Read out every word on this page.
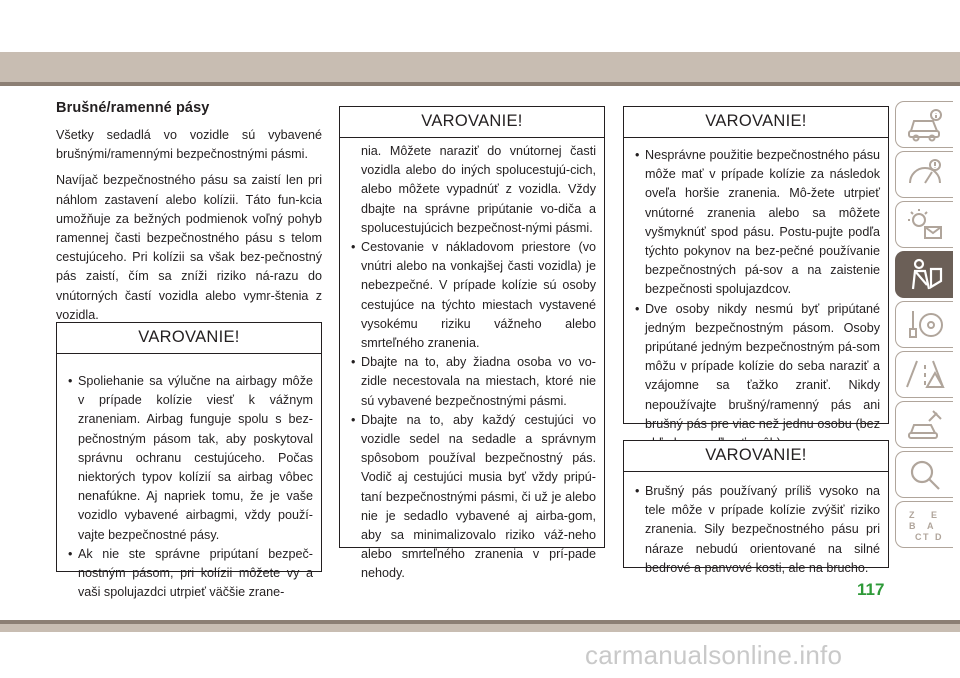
Brušné/ramenné pásy

Všetky sedadlá vo vozidle sú vybavené brušnými/ramennými bezpečnostnými pásmi.

Navíjač bezpečnostného pásu sa zaistí len pri náhlom zastavení alebo kolízii. Táto fun-kcia umožňuje za bežných podmienok voľný pohyb ramennej časti bezpečnostného pásu s telom cestujúceho. Pri kolízii sa však bez-pečnostný pás zaistí, čím sa zníži riziko ná-razu do vnútorných častí vozidla alebo vymr-štenia z vozidla.

VAROVANIE!
• Spoliehanie sa výlučne na airbagy môže v prípade kolízie viesť k vážnym zraneniam. Airbag funguje spolu s bez-pečnostným pásom tak, aby poskytoval správnu ochranu cestujúceho. Počas niektorých typov kolízií sa airbag vôbec nenafúkne. Aj napriek tomu, že je vaše vozidlo vybavené airbagmi, vždy použí-vajte bezpečnostné pásy.
• Ak nie ste správne pripútaní bezpeč-nostným pásom, pri kolízii môžete vy a vaši spolujazdci utrpieť väčšie zrane-
VAROVANIE!
nia. Môžete naraziť do vnútornej časti vozidla alebo do iných spolucestujú-cich, alebo môžete vypadnúť z vozidla. Vždy dbajte na správne pripútanie vo-diča a spolucestujúcich bezpečnost-nými pásmi.
• Cestovanie v nákladovom priestore (vo vnútri alebo na vonkajšej časti vozidla) je nebezpečné. V prípade kolízie sú osoby cestujúce na týchto miestach vystavené vysokému riziku vážneho alebo smrteľného zranenia.
• Dbajte na to, aby žiadna osoba vo vo-zidle necestovala na miestach, ktoré nie sú vybavené bezpečnostnými pásmi.
• Dbajte na to, aby každý cestujúci vo vozidle sedel na sedadle a správnym spôsobom používal bezpečnostný pás. Vodič aj cestujúci musia byť vždy pripú-taní bezpečnostnými pásmi, či už je alebo nie je sedadlo vybavené aj airba-gom, aby sa minimalizovalo riziko váž-neho alebo smrteľného zranenia v prí-pade nehody.
VAROVANIE!
• Nesprávne použitie bezpečnostného pásu môže mať v prípade kolízie za následok oveľa horšie zranenia. Mô-žete utrpieť vnútorné zranenia alebo sa môžete vyšmyknúť spod pásu. Postu-pujte podľa týchto pokynov na bez-pečné používanie bezpečnostných pá-sov a na zaistenie bezpečnosti spolujazdcov.
• Dve osoby nikdy nesmú byť pripútané jedným bezpečnostným pásom. Osoby pripútané jedným bezpečnostným pá-som môžu v prípade kolízie do seba naraziť a vzájomne sa ťažko zraniť. Nikdy nepoužívajte brušný/ramenný pás ani brušný pás pre viac než jednu osobu (bez
VAROVANIE!
• Brušný pás používaný príliš vysoko na tele môže v prípade kolízie zvýšiť riziko zranenia. Sily bezpečnostného pásu pri náraze nebudú orientované na silné bedrové a panvové kosti, ale na brucho.
Z E
B A
C T D
117
carmanualsonline.info
